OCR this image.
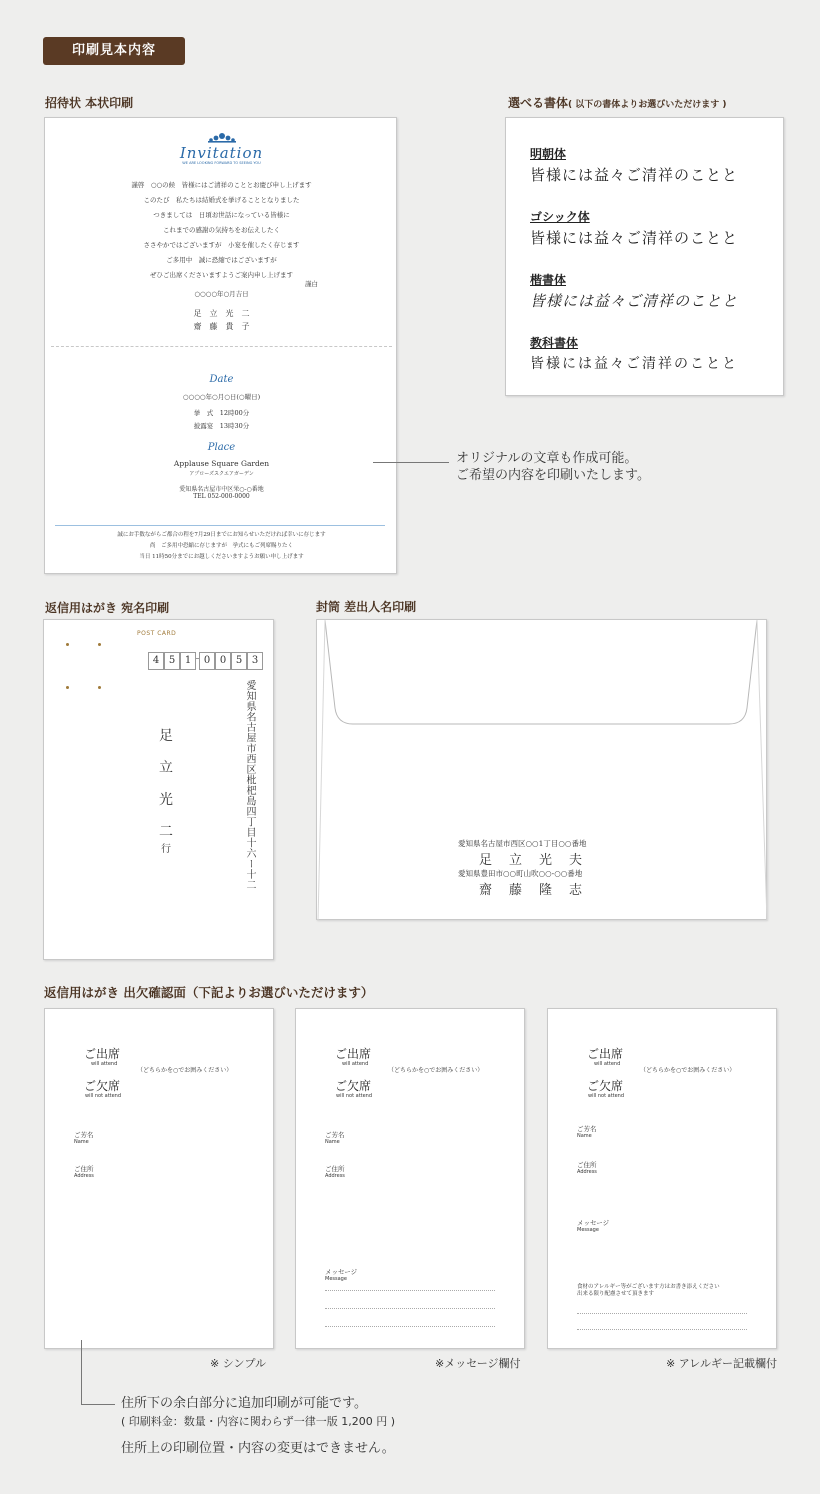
印刷見本内容
招待状 本状印刷
Invitation
WE ARE LOOKING FORWARD TO SEEING YOU
謹啓　○○の候　皆様にはご清祥のこととお慶び申し上げます
このたび　私たちは結婚式を挙げることとなりました
つきましては　日頃お世話になっている皆様に
これまでの感謝の気持ちをお伝えしたく
ささやかではございますが　小宴を催したく存じます
ご多用中　誠に恐縮ではございますが
ぜひご出席くださいますようご案内申し上げます
謹白
○○○○年○月吉日
足　立　光　二
齋　藤　貴　子
Date
○○○○年○月○日(○曜日)
挙　式　12時00分
披露宴　13時30分
Place
Applause Square Garden
アプローズスクエアガーデン
愛知県名古屋市中区栄○-○番地
TEL 052-000-0000
誠にお手数ながらご都合の程を7月29日までにお知らせいただければ幸いに存じます
尚　ご多用中恐縮に存じますが　挙式にもご列席賜りたく
当日 11時50分までにお越しくださいますようお願い申し上げます
オリジナルの文章も作成可能。
ご希望の内容を印刷いたします。
選べる書体( 以下の書体よりお選びいただけます )
明朝体
皆様には益々ご清祥のことと
ゴシック体
皆様には益々ご清祥のことと
楷書体
皆様には益々ご清祥のことと
教科書体
皆様には益々ご清祥のことと
返信用はがき 宛名印刷
POST CARD
4 5 1 0 0 5 3
愛知県名古屋市西区枇杷島四丁目十六ー十二
足
立
光
二
行
封筒 差出人名印刷
愛知県名古屋市西区○○1丁目○○番地
足　立　光　夫
愛知県豊田市○○町山吹○○-○○番地
齋　藤　隆　志
返信用はがき 出欠確認面（下記よりお選びいただけます）
ご出席
will attend
ご欠席
will not attend
（どちらかを○でお囲みください）
ご芳名
Name
ご住所
Address
ご出席
will attend
ご欠席
will not attend
（どちらかを○でお囲みください）
ご芳名
Name
ご住所
Address
メッセージ
Message
ご出席
will attend
ご欠席
will not attend
（どちらかを○でお囲みください）
ご芳名
Name
ご住所
Address
メッセージ
Message
食材のアレルギー等がございます方はお書き添えください
出来る限り配慮させて頂きます
※ シンプル	※メッセージ欄付	※ アレルギー記載欄付
住所下の余白部分に追加印刷が可能です。
( 印刷料金：数量・内容に関わらず一律一版 1,200 円 )
住所上の印刷位置・内容の変更はできません。
